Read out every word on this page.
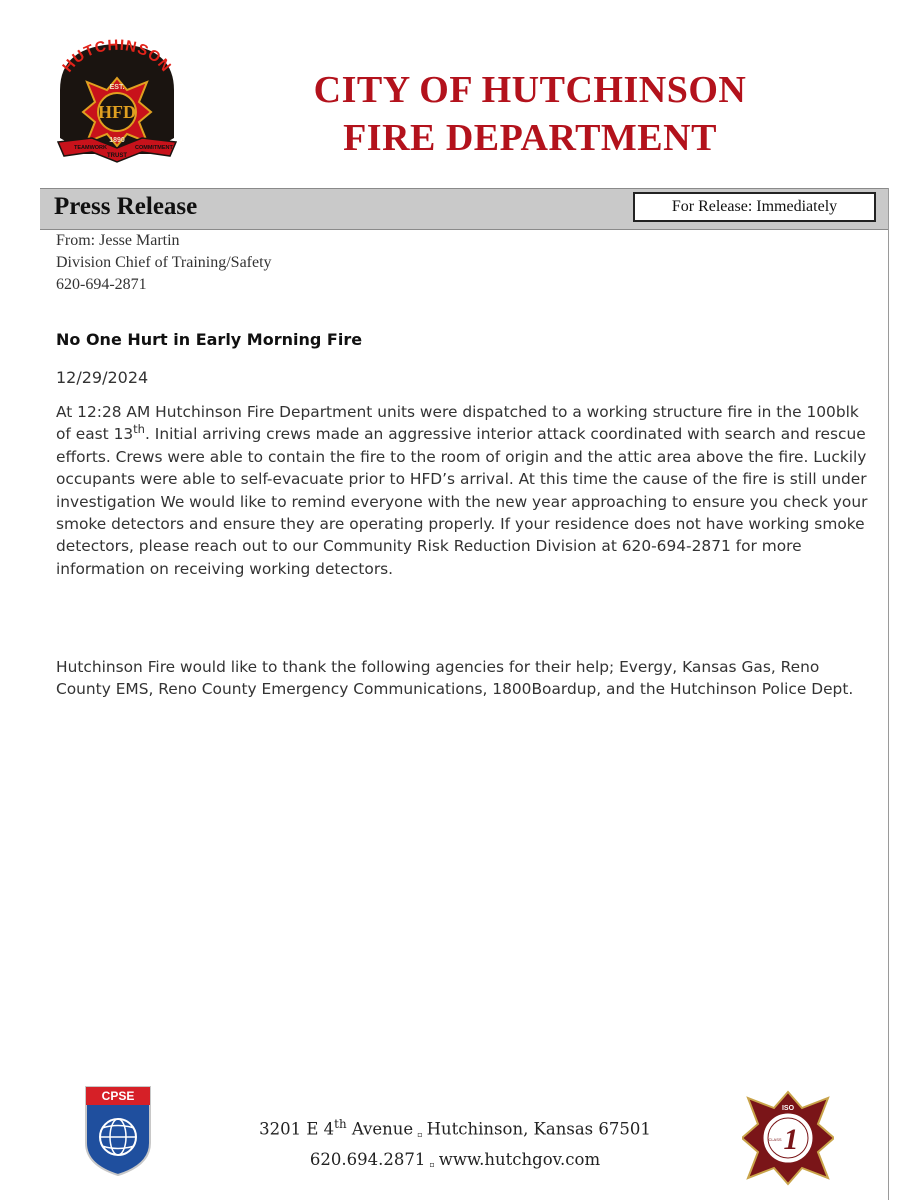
HUTCHINSON
HFD
EST.
1890
TEAMWORK
TRUST
COMMITMENT
CITY OF HUTCHINSON
FIRE DEPARTMENT
Press Release	For Release: Immediately
From: Jesse Martin
Division Chief of Training/Safety
620-694-2871
No One Hurt in Early Morning Fire
12/29/2024
At 12:28 AM Hutchinson Fire Department units were dispatched to a working structure fire in the 100blk of east 13th. Initial arriving crews made an aggressive interior attack coordinated with search and rescue efforts. Crews were able to contain the fire to the room of origin and the attic area above the fire. Luckily occupants were able to self-evacuate prior to HFD’s arrival. At this time the cause of the fire is still under investigation We would like to remind everyone with the new year approaching to ensure you check your smoke detectors and ensure they are operating properly. If your residence does not have working smoke detectors, please reach out to our Community Risk Reduction Division at 620-694-2871 for more information on receiving working detectors.
Hutchinson Fire would like to thank the following agencies for their help; Evergy, Kansas Gas, Reno County EMS, Reno County Emergency Communications, 1800Boardup, and the Hutchinson Police Dept.
CPSE
3201 E 4th Avenue ▫ Hutchinson, Kansas 67501
620.694.2871 ▫ www.hutchgov.com
ISO
CLASS 1
